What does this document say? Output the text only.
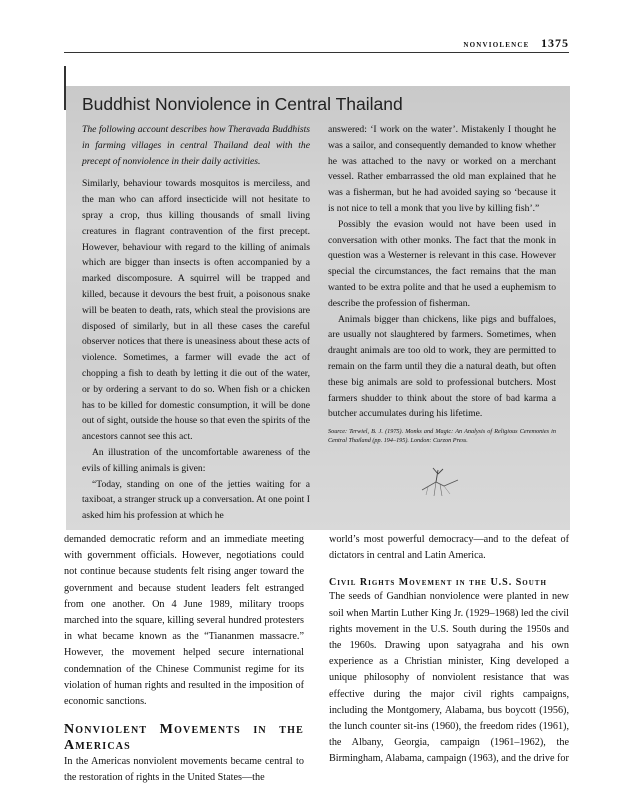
nonviolence 1375
Buddhist Nonviolence in Central Thailand

The following account describes how Theravada Buddhists in farming villages in central Thailand deal with the precept of nonviolence in their daily activities.

Similarly, behaviour towards mosquitos is merciless, and the man who can afford insecticide will not hesitate to spray a crop, thus killing thousands of small living creatures in flagrant contravention of the first precept. However, behaviour with regard to the killing of animals which are bigger than insects is often accompanied by a marked discomposure. A squirrel will be trapped and killed, because it devours the best fruit, a poisonous snake will be beaten to death, rats, which steal the provisions are disposed of similarly, but in all these cases the careful observer notices that there is uneasiness about these acts of violence. Sometimes, a farmer will evade the act of chopping a fish to death by letting it die out of the water, or by ordering a servant to do so. When fish or a chicken has to be killed for domestic consumption, it will be done out of sight, outside the house so that even the spirits of the ancestors cannot see this act.

An illustration of the uncomfortable awareness of the evils of killing animals is given:

“Today, standing on one of the jetties waiting for a taxiboat, a stranger struck up a conversation. At one point I asked him his profession at which he

answered: ‘I work on the water’. Mistakenly I thought he was a sailor, and consequently demanded to know whether he was attached to the navy or worked on a merchant vessel. Rather embarrassed the old man explained that he was a fisherman, but he had avoided saying so ‘because it is not nice to tell a monk that you live by killing fish’.”

Possibly the evasion would not have been used in conversation with other monks. The fact that the monk in question was a Westerner is relevant in this case. However special the circumstances, the fact remains that the man wanted to be extra polite and that he used a euphemism to describe the profession of fisherman.

Animals bigger than chickens, like pigs and buffaloes, are usually not slaughtered by farmers. Sometimes, when draught animals are too old to work, they are permitted to remain on the farm until they die a natural death, but often these big animals are sold to professional butchers. Most farmers shudder to think about the store of bad karma a butcher accumulates during his lifetime.

Source: Terwiel, B. J. (1975). Monks and Magic: An Analysis of Religious Ceremonies in Central Thailand (pp. 194–195). London: Curzon Press.

demanded democratic reform and an immediate meeting with government officials. However, negotiations could not continue because students felt rising anger toward the government and because student leaders felt estranged from one another. On 4 June 1989, military troops marched into the square, killing several hundred protesters in what became known as the “Tiananmen massacre.” However, the movement helped secure international condemnation of the Chinese Communist regime for its violation of human rights and resulted in the imposition of economic sanctions.

Nonviolent Movements in the Americas

In the Americas nonviolent movements became central to the restoration of rights in the United States—the

world’s most powerful democracy—and to the defeat of dictators in central and Latin America.

Civil Rights Movement in the U.S. South

The seeds of Gandhian nonviolence were planted in new soil when Martin Luther King Jr. (1929–1968) led the civil rights movement in the U.S. South during the 1950s and the 1960s. Drawing upon satyagraha and his own experience as a Christian minister, King developed a unique philosophy of nonviolent resistance that was effective during the major civil rights campaigns, including the Montgomery, Alabama, bus boycott (1956), the lunch counter sit-ins (1960), the freedom rides (1961), the Albany, Georgia, campaign (1961–1962), the Birmingham, Alabama, campaign (1963), and the drive for
